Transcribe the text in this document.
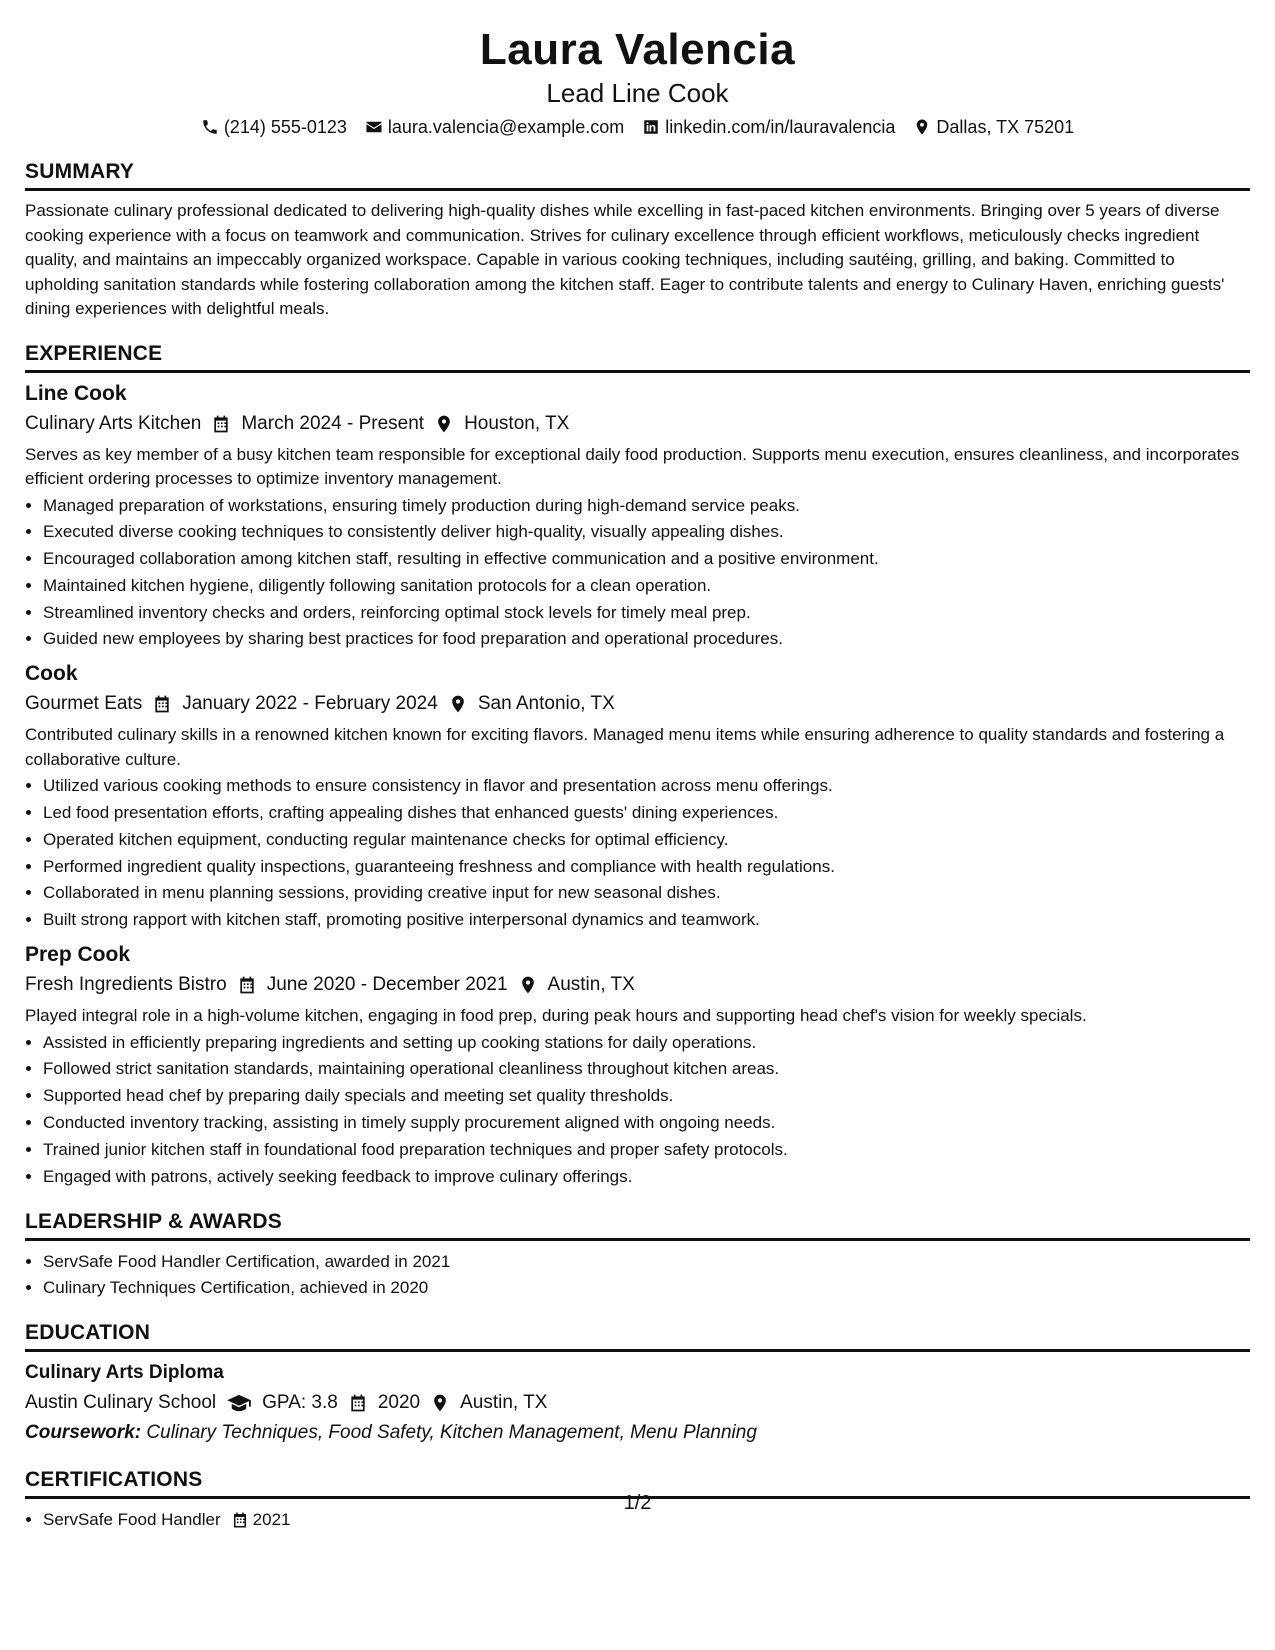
Laura Valencia
Lead Line Cook
(214) 555-0123 laura.valencia@example.com linkedin.com/in/lauravalencia Dallas, TX 75201
SUMMARY
Passionate culinary professional dedicated to delivering high-quality dishes while excelling in fast-paced kitchen environments. Bringing over 5 years of diverse cooking experience with a focus on teamwork and communication. Strives for culinary excellence through efficient workflows, meticulously checks ingredient quality, and maintains an impeccably organized workspace. Capable in various cooking techniques, including sautéing, grilling, and baking. Committed to upholding sanitation standards while fostering collaboration among the kitchen staff. Eager to contribute talents and energy to Culinary Haven, enriching guests' dining experiences with delightful meals.
EXPERIENCE
Line Cook
Culinary Arts Kitchen March 2024 - Present Houston, TX
Serves as key member of a busy kitchen team responsible for exceptional daily food production. Supports menu execution, ensures cleanliness, and incorporates efficient ordering processes to optimize inventory management.
• Managed preparation of workstations, ensuring timely production during high-demand service peaks.
• Executed diverse cooking techniques to consistently deliver high-quality, visually appealing dishes.
• Encouraged collaboration among kitchen staff, resulting in effective communication and a positive environment.
• Maintained kitchen hygiene, diligently following sanitation protocols for a clean operation.
• Streamlined inventory checks and orders, reinforcing optimal stock levels for timely meal prep.
• Guided new employees by sharing best practices for food preparation and operational procedures.
Cook
Gourmet Eats January 2022 - February 2024 San Antonio, TX
Contributed culinary skills in a renowned kitchen known for exciting flavors. Managed menu items while ensuring adherence to quality standards and fostering a collaborative culture.
• Utilized various cooking methods to ensure consistency in flavor and presentation across menu offerings.
• Led food presentation efforts, crafting appealing dishes that enhanced guests' dining experiences.
• Operated kitchen equipment, conducting regular maintenance checks for optimal efficiency.
• Performed ingredient quality inspections, guaranteeing freshness and compliance with health regulations.
• Collaborated in menu planning sessions, providing creative input for new seasonal dishes.
• Built strong rapport with kitchen staff, promoting positive interpersonal dynamics and teamwork.
Prep Cook
Fresh Ingredients Bistro June 2020 - December 2021 Austin, TX
Played integral role in a high-volume kitchen, engaging in food prep, during peak hours and supporting head chef's vision for weekly specials.
• Assisted in efficiently preparing ingredients and setting up cooking stations for daily operations.
• Followed strict sanitation standards, maintaining operational cleanliness throughout kitchen areas.
• Supported head chef by preparing daily specials and meeting set quality thresholds.
• Conducted inventory tracking, assisting in timely supply procurement aligned with ongoing needs.
• Trained junior kitchen staff in foundational food preparation techniques and proper safety protocols.
• Engaged with patrons, actively seeking feedback to improve culinary offerings.
LEADERSHIP & AWARDS
• ServSafe Food Handler Certification, awarded in 2021
• Culinary Techniques Certification, achieved in 2020
EDUCATION
Culinary Arts Diploma
Austin Culinary School GPA: 3.8 2020 Austin, TX
Coursework: Culinary Techniques, Food Safety, Kitchen Management, Menu Planning
CERTIFICATIONS
• ServSafe Food Handler 2021
1/2
